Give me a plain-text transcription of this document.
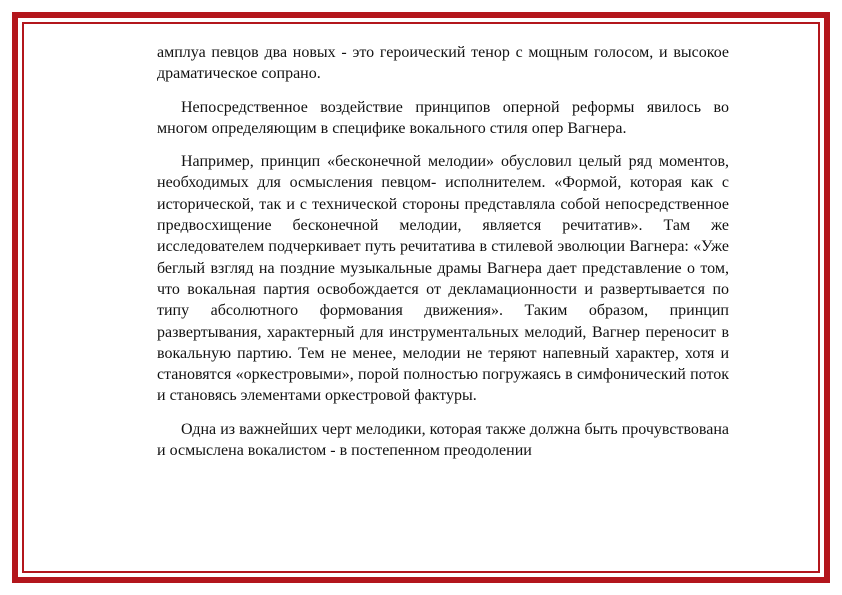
амплуа певцов два новых - это героический тенор с мощным голосом, и высокое драматическое сопрано.

Непосредственное воздействие принципов оперной реформы явилось во многом определяющим в специфике вокального стиля опер Вагнера.

Например, принцип «бесконечной мелодии» обусловил целый ряд моментов, необходимых для осмысления певцом- исполнителем. «Формой, которая как с исторической, так и с технической стороны представляла собой непосредственное предвосхищение бесконечной мелодии, является речитатив». Там же исследователем подчеркивает путь речитатива в стилевой эволюции Вагнера: «Уже беглый взгляд на поздние музыкальные драмы Вагнера дает представление о том, что вокальная партия освобождается от декламационности и развертывается по типу абсолютного формования движения». Таким образом, принцип развертывания, характерный для инструментальных мелодий, Вагнер переносит в вокальную партию. Тем не менее, мелодии не теряют напевный характер, хотя и становятся «оркестровыми», порой полностью погружаясь в симфонический поток и становясь элементами оркестровой фактуры.

Одна из важнейших черт мелодики, которая также должна быть прочувствована и осмыслена вокалистом - в постепенном преодолении
